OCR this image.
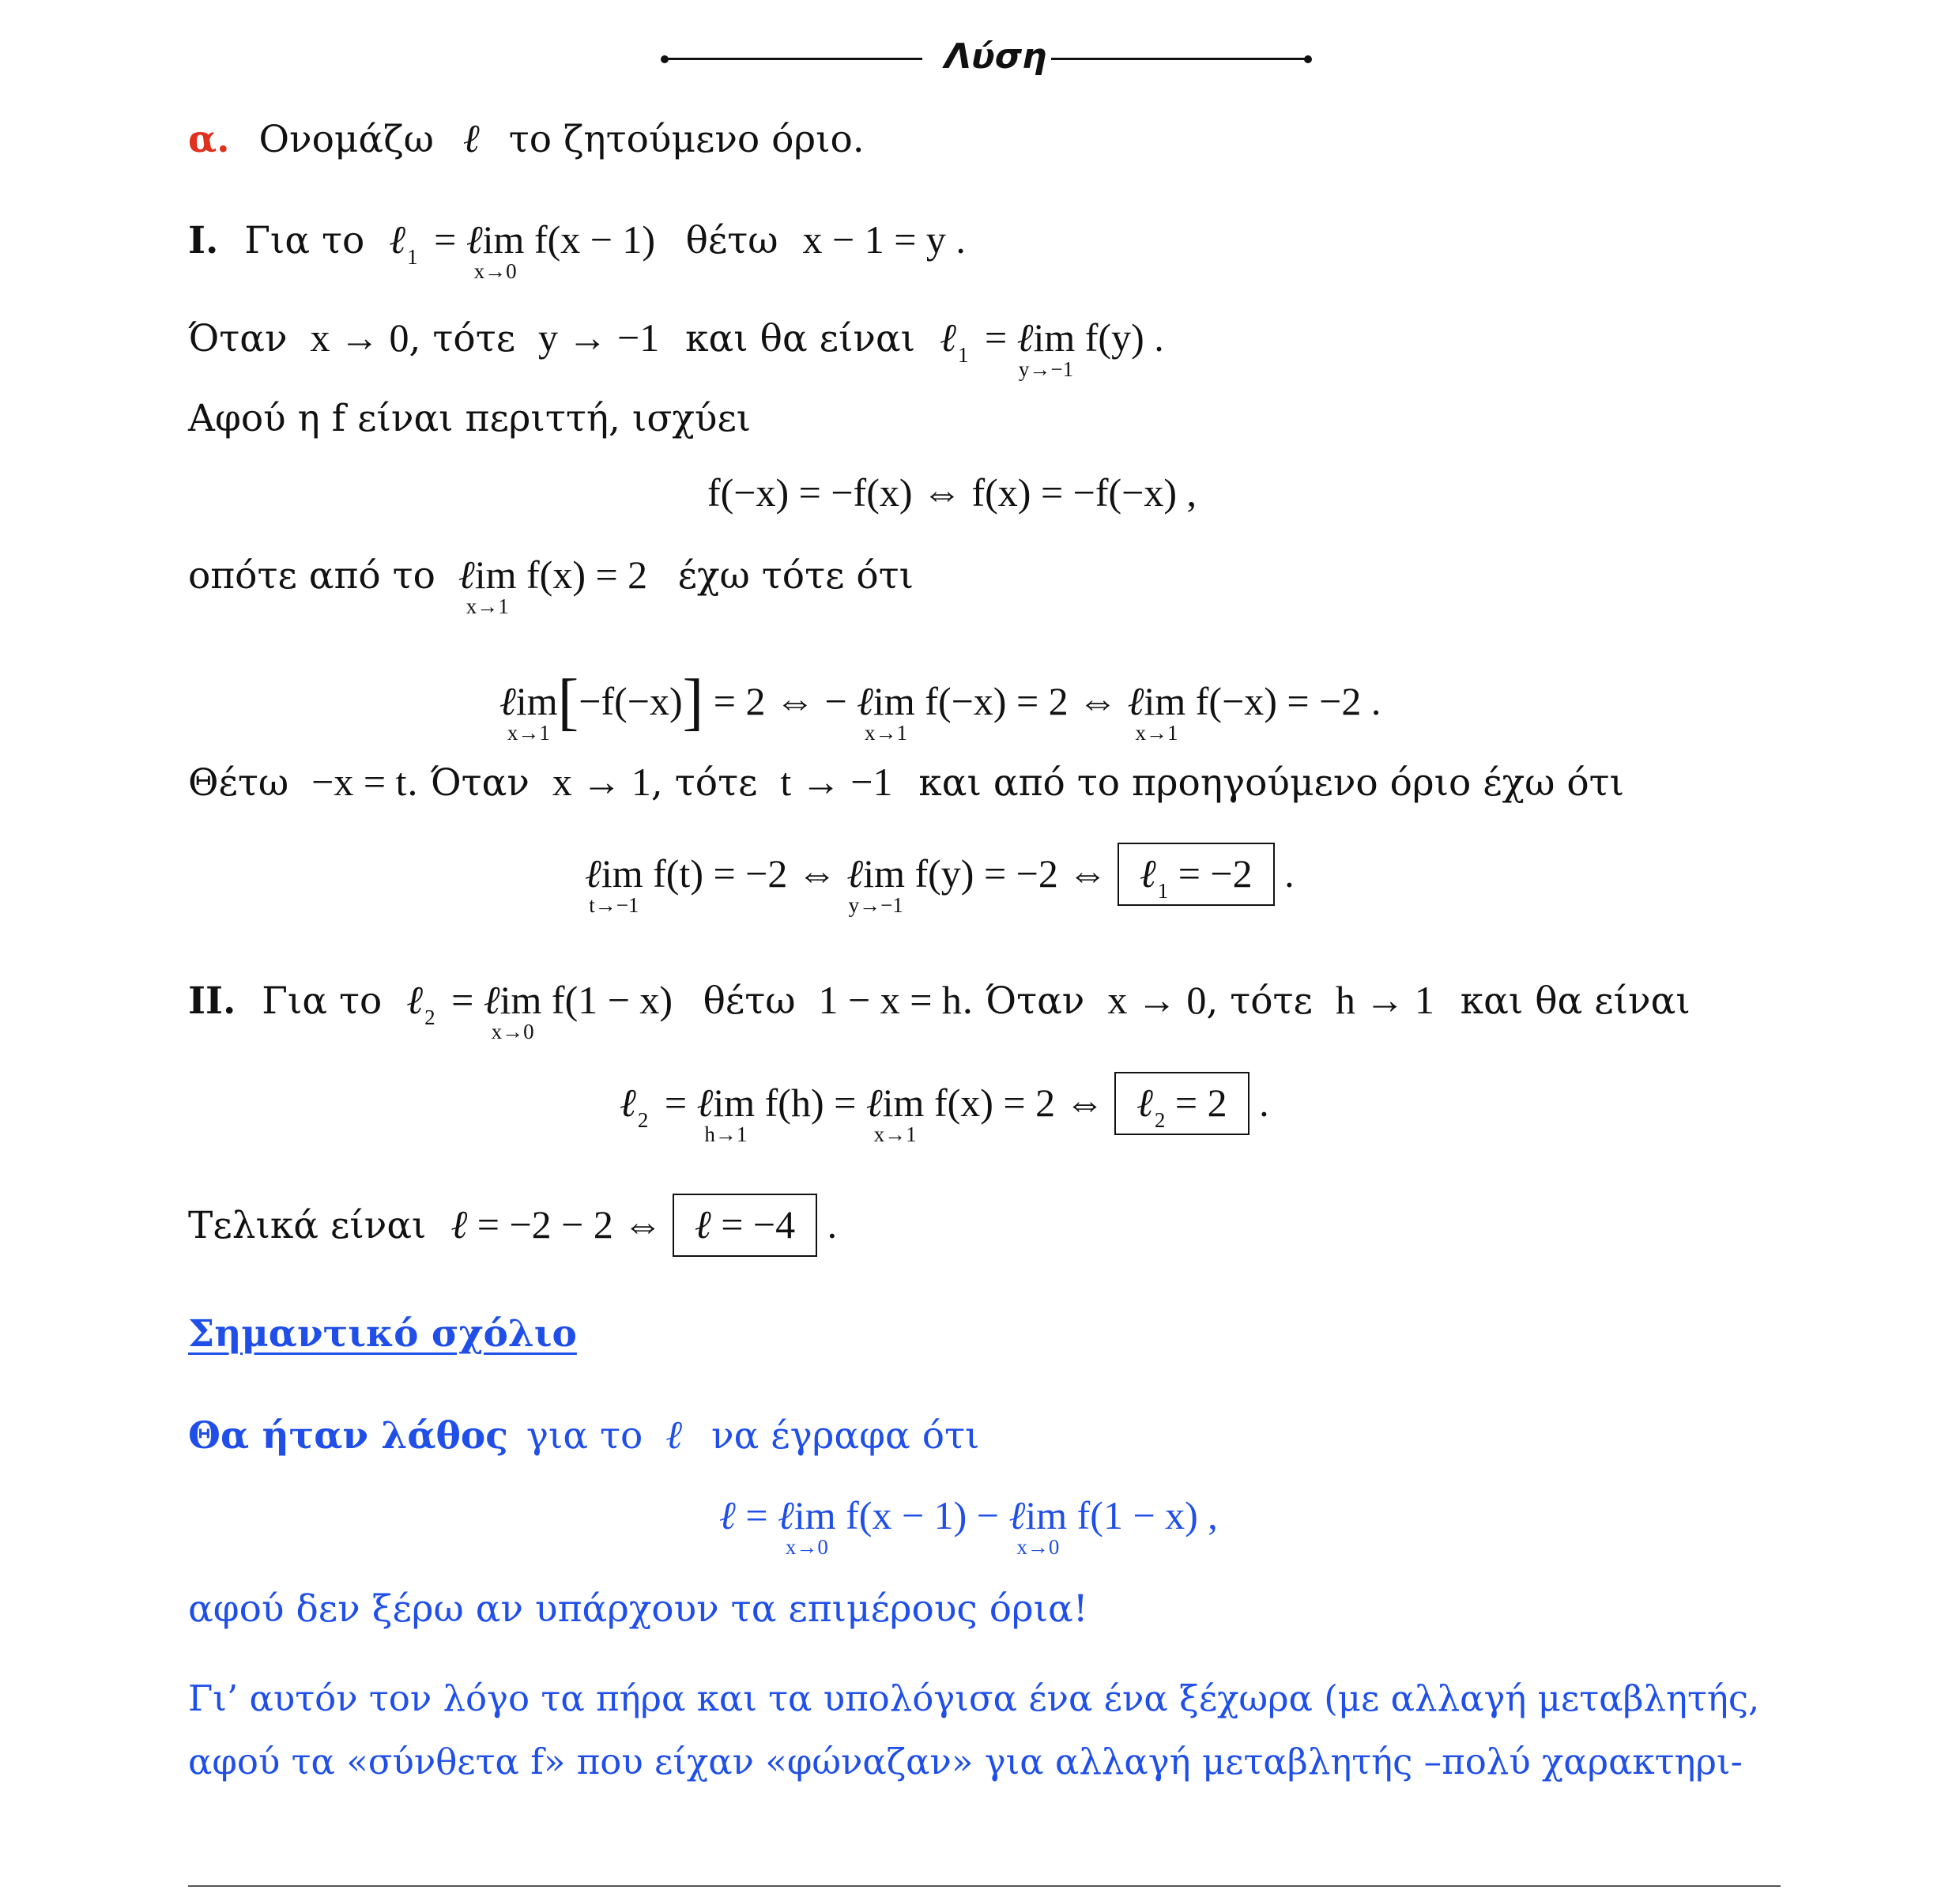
Λύση
α. Ονομάζω ℓ το ζητούμενο όριο.
I. Για το ℓ$_1$ = ℓim
x→0
f(x − 1) θέτω x − 1 = y .
Όταν x → 0, τότε y → −1 και θα είναι ℓ$_1$ = ℓim
y→−1
f(y) .
Αφού η f είναι περιττή, ισχύει
f(−x) = −f(x) ⇔ f(x) = −f(−x) ,
οπότε από το ℓim
x→1
f(x) = 2 έχω τότε ότι
ℓim
x→1 [−f(−x)] = 2 ⇔ − ℓim
x→1
f(−x) = 2 ⇔ ℓim
x→1
f(−x) = −2 .
Θέτω −x = t. Όταν x → 1, τότε t → −1 και από το προηγούμενο όριο έχω ότι
ℓim
t→−1
f(t) = −2 ⇔ ℓim
y→−1
f(y) = −2 ⇔ ℓ$_1$ = −2 .
II. Για το ℓ$_2$ = ℓim
x→0
f(1 − x) θέτω 1 − x = h. Όταν x → 0, τότε h → 1 και θα είναι
ℓ$_2$ = ℓim
h→1
f(h) = ℓim
x→1
f(x) = 2 ⇔ ℓ$_2$ = 2 .
Τελικά είναι ℓ = −2 − 2 ⇔ ℓ = −4 .
Σημαντικό σχόλιο
Θα ήταν λάθος για το ℓ να έγραφα ότι
ℓ = ℓim
x→0
f(x − 1) − ℓim
x→0
f(1 − x) ,
αφού δεν ξέρω αν υπάρχουν τα επιμέρους όρια!
Γι’ αυτόν τον λόγο τα πήρα και τα υπολόγισα ένα ένα ξέχωρα (με αλλαγή μεταβλητής,
αφού τα «σύνθετα f» που είχαν «φώναζαν» για αλλαγή μεταβλητής –πολύ χαρακτηρι-
